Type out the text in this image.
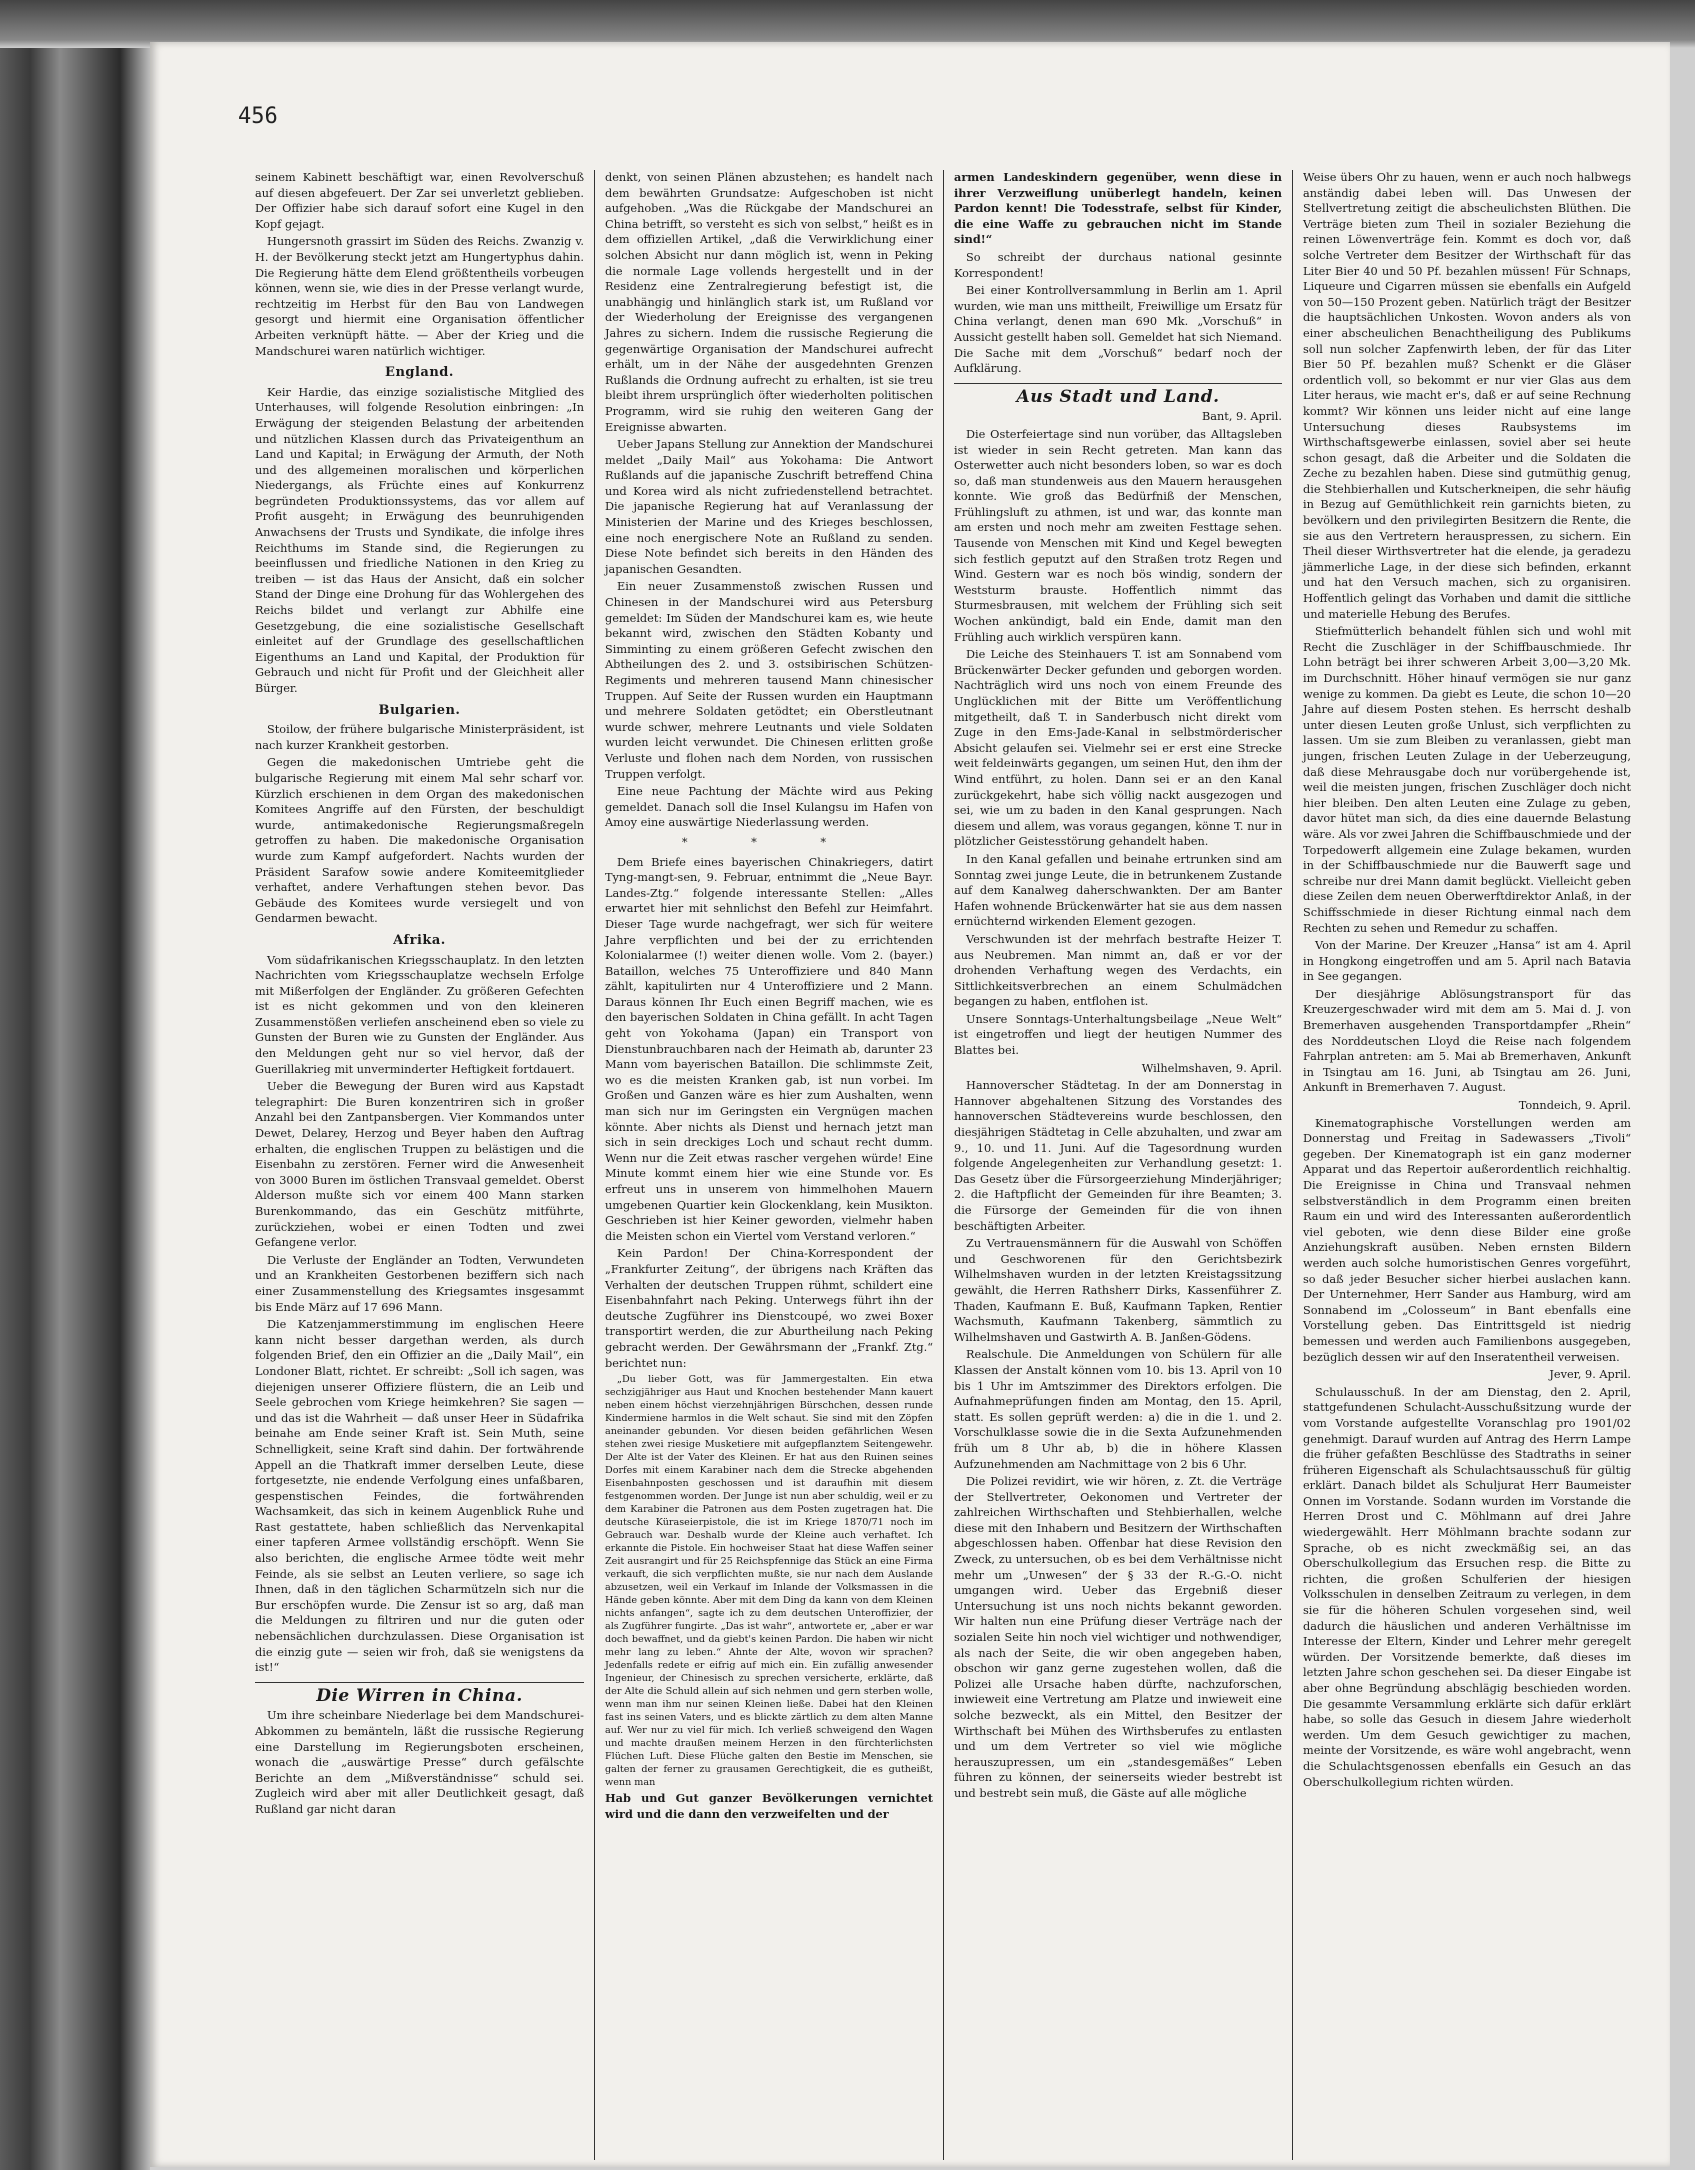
456

seinem Kabinett beschäftigt war, einen Revolverschuß auf diesen abgefeuert. Der Zar sei unverletzt geblieben. Der Offizier habe sich darauf sofort eine Kugel in den Kopf gejagt.

Hungersnoth grassirt im Süden des Reichs. Zwanzig v. H. der Bevölkerung steckt jetzt am Hungertyphus dahin. Die Regierung hätte dem Elend größtentheils vorbeugen können, wenn sie, wie dies in der Presse verlangt wurde, rechtzeitig im Herbst für den Bau von Landwegen gesorgt und hiermit eine Organisation öffentlicher Arbeiten verknüpft hätte. — Aber der Krieg und die Mandschurei waren natürlich wichtiger.

England.

Keir Hardie, das einzige sozialistische Mitglied des Unterhauses, will folgende Resolution einbringen: „In Erwägung der steigenden Belastung der arbeitenden und nützlichen Klassen durch das Privateigenthum an Land und Kapital; in Erwägung der Armuth, der Noth und des allgemeinen moralischen und körperlichen Niedergangs, als Früchte eines auf Konkurrenz begründeten Produktionssystems, das vor allem auf Profit ausgeht; in Erwägung des beunruhigenden Anwachsens der Trusts und Syndikate, die infolge ihres Reichthums im Stande sind, die Regierungen zu beeinflussen und friedliche Nationen in den Krieg zu treiben — ist das Haus der Ansicht, daß ein solcher Stand der Dinge eine Drohung für das Wohlergehen des Reichs bildet und verlangt zur Abhilfe eine Gesetzgebung, die eine sozialistische Gesellschaft einleitet auf der Grundlage des gesellschaftlichen Eigenthums an Land und Kapital, der Produktion für Gebrauch und nicht für Profit und der Gleichheit aller Bürger.

Bulgarien.

Stoilow, der frühere bulgarische Ministerpräsident, ist nach kurzer Krankheit gestorben.

Gegen die makedonischen Umtriebe geht die bulgarische Regierung mit einem Mal sehr scharf vor. Kürzlich erschienen in dem Organ des makedonischen Komitees Angriffe auf den Fürsten, der beschuldigt wurde, antimakedonische Regierungsmaßregeln getroffen zu haben. Die makedonische Organisation wurde zum Kampf aufgefordert. Nachts wurden der Präsident Sarafow sowie andere Komiteemitglieder verhaftet, andere Verhaftungen stehen bevor. Das Gebäude des Komitees wurde versiegelt und von Gendarmen bewacht.

Afrika.

Vom südafrikanischen Kriegsschauplatz. In den letzten Nachrichten vom Kriegsschauplatze wechseln Erfolge mit Mißerfolgen der Engländer. Zu größeren Gefechten ist es nicht gekommen und von den kleineren Zusammenstößen verliefen anscheinend eben so viele zu Gunsten der Buren wie zu Gunsten der Engländer. Aus den Meldungen geht nur so viel hervor, daß der Guerillakrieg mit unverminderter Heftigkeit fortdauert.

Ueber die Bewegung der Buren wird aus Kapstadt telegraphirt: Die Buren konzentriren sich in großer Anzahl bei den Zantpansbergen. Vier Kommandos unter Dewet, Delarey, Herzog und Beyer haben den Auftrag erhalten, die englischen Truppen zu belästigen und die Eisenbahn zu zerstören. Ferner wird die Anwesenheit von 3000 Buren im östlichen Transvaal gemeldet. Oberst Alderson mußte sich vor einem 400 Mann starken Burenkommando, das ein Geschütz mitführte, zurückziehen, wobei er einen Todten und zwei Gefangene verlor.

Die Verluste der Engländer an Todten, Verwundeten und an Krankheiten Gestorbenen beziffern sich nach einer Zusammenstellung des Kriegsamtes insgesammt bis Ende März auf 17 696 Mann.

Die Katzenjammerstimmung im englischen Heere kann nicht besser dargethan werden, als durch folgenden Brief, den ein Offizier an die „Daily Mail“, ein Londoner Blatt, richtet. Er schreibt: „Soll ich sagen, was diejenigen unserer Offiziere flüstern, die an Leib und Seele gebrochen vom Kriege heimkehren? Sie sagen — und das ist die Wahrheit — daß unser Heer in Südafrika beinahe am Ende seiner Kraft ist. Sein Muth, seine Schnelligkeit, seine Kraft sind dahin. Der fortwährende Appell an die Thatkraft immer derselben Leute, diese fortgesetzte, nie endende Verfolgung eines unfaßbaren, gespenstischen Feindes, die fortwährenden Wachsamkeit, das sich in keinem Augenblick Ruhe und Rast gestattete, haben schließlich das Nervenkapital einer tapferen Armee vollständig erschöpft. Wenn Sie also berichten, die englische Armee tödte weit mehr Feinde, als sie selbst an Leuten verliere, so sage ich Ihnen, daß in den täglichen Scharmützeln sich nur die Bur erschöpfen wurde. Die Zensur ist so arg, daß man die Meldungen zu filtriren und nur die guten oder nebensächlichen durchzulassen. Diese Organisation ist die einzig gute — seien wir froh, daß sie wenigstens da ist!“

Die Wirren in China.

Um ihre scheinbare Niederlage bei dem Mandschurei-Abkommen zu bemänteln, läßt die russische Regierung eine Darstellung im Regierungsboten erscheinen, wonach die „auswärtige Presse“ durch gefälschte Berichte an dem „Mißverständnisse“ schuld sei. Zugleich wird aber mit aller Deutlichkeit gesagt, daß Rußland gar nicht daran

denkt, von seinen Plänen abzustehen; es handelt nach dem bewährten Grundsatze: Aufgeschoben ist nicht aufgehoben. „Was die Rückgabe der Mandschurei an China betrifft, so versteht es sich von selbst,“ heißt es in dem offiziellen Artikel, „daß die Verwirklichung einer solchen Absicht nur dann möglich ist, wenn in Peking die normale Lage vollends hergestellt und in der Residenz eine Zentralregierung befestigt ist, die unabhängig und hinlänglich stark ist, um Rußland vor der Wiederholung der Ereignisse des vergangenen Jahres zu sichern. Indem die russische Regierung die gegenwärtige Organisation der Mandschurei aufrecht erhält, um in der Nähe der ausgedehnten Grenzen Rußlands die Ordnung aufrecht zu erhalten, ist sie treu bleibt ihrem ursprünglich öfter wiederholten politischen Programm, wird sie ruhig den weiteren Gang der Ereignisse abwarten.

Ueber Japans Stellung zur Annektion der Mandschurei meldet „Daily Mail“ aus Yokohama: Die Antwort Rußlands auf die japanische Zuschrift betreffend China und Korea wird als nicht zufriedenstellend betrachtet. Die japanische Regierung hat auf Veranlassung der Ministerien der Marine und des Krieges beschlossen, eine noch energischere Note an Rußland zu senden. Diese Note befindet sich bereits in den Händen des japanischen Gesandten.

Ein neuer Zusammenstoß zwischen Russen und Chinesen in der Mandschurei wird aus Petersburg gemeldet: Im Süden der Mandschurei kam es, wie heute bekannt wird, zwischen den Städten Kobanty und Simminting zu einem größeren Gefecht zwischen den Abtheilungen des 2. und 3. ostsibirischen Schützen-Regiments und mehreren tausend Mann chinesischer Truppen. Auf Seite der Russen wurden ein Hauptmann und mehrere Soldaten getödtet; ein Oberstleutnant wurde schwer, mehrere Leutnants und viele Soldaten wurden leicht verwundet. Die Chinesen erlitten große Verluste und flohen nach dem Norden, von russischen Truppen verfolgt.

Eine neue Pachtung der Mächte wird aus Peking gemeldet. Danach soll die Insel Kulangsu im Hafen von Amoy eine auswärtige Niederlassung werden.

* * *

Dem Briefe eines bayerischen Chinakriegers, datirt Tyng-mangt-sen, 9. Februar, entnimmt die „Neue Bayr. Landes-Ztg.“ folgende interessante Stellen: „Alles erwartet hier mit sehnlichst den Befehl zur Heimfahrt. Dieser Tage wurde nachgefragt, wer sich für weitere Jahre verpflichten und bei der zu errichtenden Kolonialarmee (!) weiter dienen wolle. Vom 2. (bayer.) Bataillon, welches 75 Unteroffiziere und 840 Mann zählt, kapitulirten nur 4 Unteroffiziere und 2 Mann. Daraus können Ihr Euch einen Begriff machen, wie es den bayerischen Soldaten in China gefällt. In acht Tagen geht von Yokohama (Japan) ein Transport von Dienstunbrauchbaren nach der Heimath ab, darunter 23 Mann vom bayerischen Bataillon. Die schlimmste Zeit, wo es die meisten Kranken gab, ist nun vorbei. Im Großen und Ganzen wäre es hier zum Aushalten, wenn man sich nur im Geringsten ein Vergnügen machen könnte. Aber nichts als Dienst und hernach jetzt man sich in sein dreckiges Loch und schaut recht dumm. Wenn nur die Zeit etwas rascher vergehen würde! Eine Minute kommt einem hier wie eine Stunde vor. Es erfreut uns in unserem von himmelhohen Mauern umgebenen Quartier kein Glockenklang, kein Musikton. Geschrieben ist hier Keiner geworden, vielmehr haben die Meisten schon ein Viertel vom Verstand verloren.“

Kein Pardon! Der China-Korrespondent der „Frankfurter Zeitung“, der übrigens nach Kräften das Verhalten der deutschen Truppen rühmt, schildert eine Eisenbahnfahrt nach Peking. Unterwegs führt ihn der deutsche Zugführer ins Dienstcoupé, wo zwei Boxer transportirt werden, die zur Aburtheilung nach Peking gebracht werden. Der Gewährsmann der „Frankf. Ztg.“ berichtet nun:

„Du lieber Gott, was für Jammergestalten. Ein etwa sechzigjähriger aus Haut und Knochen bestehender Mann kauert neben einem höchst vierzehnjährigen Bürschchen, dessen runde Kindermiene harmlos in die Welt schaut. Sie sind mit den Zöpfen aneinander gebunden. Vor diesen beiden gefährlichen Wesen stehen zwei riesige Musketiere mit aufgepflanztem Seitengewehr. Der Alte ist der Vater des Kleinen. Er hat aus den Ruinen seines Dorfes mit einem Karabiner nach dem die Strecke abgehenden Eisenbahnposten geschossen und ist daraufhin mit diesem festgenommen worden. Der Junge ist nun aber schuldig, weil er zu dem Karabiner die Patronen aus dem Posten zugetragen hat. Die deutsche Küraseierpistole, die ist im Kriege 1870/71 noch im Gebrauch war. Deshalb wurde der Kleine auch verhaftet. Ich erkannte die Pistole. Ein hochweiser Staat hat diese Waffen seiner Zeit ausrangirt und für 25 Reichspfennige das Stück an eine Firma verkauft, die sich verpflichten mußte, sie nur nach dem Auslande abzusetzen, weil ein Verkauf im Inlande der Volksmassen in die Hände geben könnte. Aber mit dem Ding da kann von dem Kleinen nichts anfangen“, sagte ich zu dem deutschen Unteroffizier, der als Zugführer fungirte. „Das ist wahr“, antwortete er, „aber er war doch bewaffnet, und da giebt's keinen Pardon. Die haben wir nicht mehr lang zu leben.“ Ahnte der Alte, wovon wir sprachen? Jedenfalls redete er eifrig auf mich ein. Ein zufällig anwesender Ingenieur, der Chinesisch zu sprechen versicherte, erklärte, daß der Alte die Schuld allein auf sich nehmen und gern sterben wolle, wenn man ihm nur seinen Kleinen ließe. Dabei hat den Kleinen fast ins seinen Vaters, und es blickte zärtlich zu dem alten Manne auf. Wer nur zu viel für mich. Ich verließ schweigend den Wagen und machte draußen meinem Herzen in den fürchterlichsten Flüchen Luft. Diese Flüche galten den Bestie im Menschen, sie galten der ferner zu grausamen Gerechtigkeit, die es gutheißt, wenn man

Hab und Gut ganzer Bevölkerungen vernichtet wird und die dann den verzweifelten und der

armen Landeskindern gegenüber, wenn diese in ihrer Verzweiflung unüberlegt handeln, keinen Pardon kennt! Die Todesstrafe, selbst für Kinder, die eine Waffe zu gebrauchen nicht im Stande sind!“

So schreibt der durchaus national gesinnte Korrespondent!

Bei einer Kontrollversammlung in Berlin am 1. April wurden, wie man uns mittheilt, Freiwillige um Ersatz für China verlangt, denen man 690 Mk. „Vorschuß“ in Aussicht gestellt haben soll. Gemeldet hat sich Niemand. Die Sache mit dem „Vorschuß“ bedarf noch der Aufklärung.

Aus Stadt und Land.
Bant, 9. April.

Die Osterfeiertage sind nun vorüber, das Alltagsleben ist wieder in sein Recht getreten. Man kann das Osterwetter auch nicht besonders loben, so war es doch so, daß man stundenweis aus den Mauern herausgehen konnte. Wie groß das Bedürfniß der Menschen, Frühlingsluft zu athmen, ist und war, das konnte man am ersten und noch mehr am zweiten Festtage sehen. Tausende von Menschen mit Kind und Kegel bewegten sich festlich geputzt auf den Straßen trotz Regen und Wind. Gestern war es noch bös windig, sondern der Weststurm brauste. Hoffentlich nimmt das Sturmesbrausen, mit welchem der Frühling sich seit Wochen ankündigt, bald ein Ende, damit man den Frühling auch wirklich verspüren kann.

Die Leiche des Steinhauers T. ist am Sonnabend vom Brückenwärter Decker gefunden und geborgen worden. Nachträglich wird uns noch von einem Freunde des Unglücklichen mit der Bitte um Veröffentlichung mitgetheilt, daß T. in Sanderbusch nicht direkt vom Zuge in den Ems-Jade-Kanal in selbstmörderischer Absicht gelaufen sei. Vielmehr sei er erst eine Strecke weit feldeinwärts gegangen, um seinen Hut, den ihm der Wind entführt, zu holen. Dann sei er an den Kanal zurückgekehrt, habe sich völlig nackt ausgezogen und sei, wie um zu baden in den Kanal gesprungen. Nach diesem und allem, was voraus gegangen, könne T. nur in plötzlicher Geistesstörung gehandelt haben.

In den Kanal gefallen und beinahe ertrunken sind am Sonntag zwei junge Leute, die in betrunkenem Zustande auf dem Kanalweg daherschwankten. Der am Banter Hafen wohnende Brückenwärter hat sie aus dem nassen ernüchternd wirkenden Element gezogen.

Verschwunden ist der mehrfach bestrafte Heizer T. aus Neubremen. Man nimmt an, daß er vor der drohenden Verhaftung wegen des Verdachts, ein Sittlichkeitsverbrechen an einem Schulmädchen begangen zu haben, entflohen ist.

Unsere Sonntags-Unterhaltungsbeilage „Neue Welt“ ist eingetroffen und liegt der heutigen Nummer des Blattes bei.

Wilhelmshaven, 9. April.

Hannoverscher Städtetag. In der am Donnerstag in Hannover abgehaltenen Sitzung des Vorstandes des hannoverschen Städtevereins wurde beschlossen, den diesjährigen Städtetag in Celle abzuhalten, und zwar am 9., 10. und 11. Juni. Auf die Tagesordnung wurden folgende Angelegenheiten zur Verhandlung gesetzt: 1. Das Gesetz über die Fürsorgeerziehung Minderjähriger; 2. die Haftpflicht der Gemeinden für ihre Beamten; 3. die Fürsorge der Gemeinden für die von ihnen beschäftigten Arbeiter.

Zu Vertrauensmännern für die Auswahl von Schöffen und Geschworenen für den Gerichtsbezirk Wilhelmshaven wurden in der letzten Kreistagssitzung gewählt, die Herren Rathsherr Dirks, Kassenführer Z. Thaden, Kaufmann E. Buß, Kaufmann Tapken, Rentier Wachsmuth, Kaufmann Takenberg, sämmtlich zu Wilhelmshaven und Gastwirth A. B. Janßen-Gödens.

Realschule. Die Anmeldungen von Schülern für alle Klassen der Anstalt können vom 10. bis 13. April von 10 bis 1 Uhr im Amtszimmer des Direktors erfolgen. Die Aufnahmeprüfungen finden am Montag, den 15. April, statt. Es sollen geprüft werden: a) die in die 1. und 2. Vorschulklasse sowie die in die Sexta Aufzunehmenden früh um 8 Uhr ab, b) die in höhere Klassen Aufzunehmenden am Nachmittage von 2 bis 6 Uhr.

Die Polizei revidirt, wie wir hören, z. Zt. die Verträge der Stellvertreter, Oekonomen und Vertreter der zahlreichen Wirthschaften und Stehbierhallen, welche diese mit den Inhabern und Besitzern der Wirthschaften abgeschlossen haben. Offenbar hat diese Revision den Zweck, zu untersuchen, ob es bei dem Verhältnisse nicht mehr um „Unwesen“ der § 33 der R.-G.-O. nicht umgangen wird. Ueber das Ergebniß dieser Untersuchung ist uns noch nichts bekannt geworden. Wir halten nun eine Prüfung dieser Verträge nach der sozialen Seite hin noch viel wichtiger und nothwendiger, als nach der Seite, die wir oben angegeben haben, obschon wir ganz gerne zugestehen wollen, daß die Polizei alle Ursache haben dürfte, nachzuforschen, inwieweit eine Vertretung am Platze und inwieweit eine solche bezweckt, als ein Mittel, den Besitzer der Wirthschaft bei Mühen des Wirthsberufes zu entlasten und um dem Vertreter so viel wie mögliche herauszupressen, um ein „standesgemäßes“ Leben führen zu können, der seinerseits wieder bestrebt ist und bestrebt sein muß, die Gäste auf alle mögliche

Weise übers Ohr zu hauen, wenn er auch noch halbwegs anständig dabei leben will. Das Unwesen der Stellvertretung zeitigt die abscheulichsten Blüthen. Die Verträge bieten zum Theil in sozialer Beziehung die reinen Löwenverträge fein. Kommt es doch vor, daß solche Vertreter dem Besitzer der Wirthschaft für das Liter Bier 40 und 50 Pf. bezahlen müssen! Für Schnaps, Liqueure und Cigarren müssen sie ebenfalls ein Aufgeld von 50—150 Prozent geben. Natürlich trägt der Besitzer die hauptsächlichen Unkosten. Wovon anders als von einer abscheulichen Benachtheiligung des Publikums soll nun solcher Zapfenwirth leben, der für das Liter Bier 50 Pf. bezahlen muß? Schenkt er die Gläser ordentlich voll, so bekommt er nur vier Glas aus dem Liter heraus, wie macht er's, daß er auf seine Rechnung kommt? Wir können uns leider nicht auf eine lange Untersuchung dieses Raubsystems im Wirthschaftsgewerbe einlassen, soviel aber sei heute schon gesagt, daß die Arbeiter und die Soldaten die Zeche zu bezahlen haben. Diese sind gutmüthig genug, die Stehbierhallen und Kutscherkneipen, die sehr häufig in Bezug auf Gemüthlichkeit rein garnichts bieten, zu bevölkern und den privilegirten Besitzern die Rente, die sie aus den Vertretern herauspressen, zu sichern. Ein Theil dieser Wirthsvertreter hat die elende, ja geradezu jämmerliche Lage, in der diese sich befinden, erkannt und hat den Versuch machen, sich zu organisiren. Hoffentlich gelingt das Vorhaben und damit die sittliche und materielle Hebung des Berufes.

Stiefmütterlich behandelt fühlen sich und wohl mit Recht die Zuschläger in der Schiffbauschmiede. Ihr Lohn beträgt bei ihrer schweren Arbeit 3,00—3,20 Mk. im Durchschnitt. Höher hinauf vermögen sie nur ganz wenige zu kommen. Da giebt es Leute, die schon 10—20 Jahre auf diesem Posten stehen. Es herrscht deshalb unter diesen Leuten große Unlust, sich verpflichten zu lassen. Um sie zum Bleiben zu veranlassen, giebt man jungen, frischen Leuten Zulage in der Ueberzeugung, daß diese Mehrausgabe doch nur vorübergehende ist, weil die meisten jungen, frischen Zuschläger doch nicht hier bleiben. Den alten Leuten eine Zulage zu geben, davor hütet man sich, da dies eine dauernde Belastung wäre. Als vor zwei Jahren die Schiffbauschmiede und der Torpedowerft allgemein eine Zulage bekamen, wurden in der Schiffbauschmiede nur die Bauwerft sage und schreibe nur drei Mann damit beglückt. Vielleicht geben diese Zeilen dem neuen Oberwerftdirektor Anlaß, in der Schiffsschmiede in dieser Richtung einmal nach dem Rechten zu sehen und Remedur zu schaffen.

Von der Marine. Der Kreuzer „Hansa“ ist am 4. April in Hongkong eingetroffen und am 5. April nach Batavia in See gegangen.

Der diesjährige Ablösungstransport für das Kreuzergeschwader wird mit dem am 5. Mai d. J. von Bremerhaven ausgehenden Transportdampfer „Rhein“ des Norddeutschen Lloyd die Reise nach folgendem Fahrplan antreten: am 5. Mai ab Bremerhaven, Ankunft in Tsingtau am 16. Juni, ab Tsingtau am 26. Juni, Ankunft in Bremerhaven 7. August.

Tonndeich, 9. April.

Kinematographische Vorstellungen werden am Donnerstag und Freitag in Sadewassers „Tivoli“ gegeben. Der Kinematograph ist ein ganz moderner Apparat und das Repertoir außerordentlich reichhaltig. Die Ereignisse in China und Transvaal nehmen selbstverständlich in dem Programm einen breiten Raum ein und wird des Interessanten außerordentlich viel geboten, wie denn diese Bilder eine große Anziehungskraft ausüben. Neben ernsten Bildern werden auch solche humoristischen Genres vorgeführt, so daß jeder Besucher sicher hierbei auslachen kann. Der Unternehmer, Herr Sander aus Hamburg, wird am Sonnabend im „Colosseum“ in Bant ebenfalls eine Vorstellung geben. Das Eintrittsgeld ist niedrig bemessen und werden auch Familienbons ausgegeben, bezüglich dessen wir auf den Inseratentheil verweisen.

Jever, 9. April.

Schulausschuß. In der am Dienstag, den 2. April, stattgefundenen Schulacht-Ausschußsitzung wurde der vom Vorstande aufgestellte Voranschlag pro 1901/02 genehmigt. Darauf wurden auf Antrag des Herrn Lampe die früher gefaßten Beschlüsse des Stadtraths in seiner früheren Eigenschaft als Schulachtsausschuß für gültig erklärt. Danach bildet als Schuljurat Herr Baumeister Onnen im Vorstande. Sodann wurden im Vorstande die Herren Drost und C. Möhlmann auf drei Jahre wiedergewählt. Herr Möhlmann brachte sodann zur Sprache, ob es nicht zweckmäßig sei, an das Oberschulkollegium das Ersuchen resp. die Bitte zu richten, die großen Schulferien der hiesigen Volksschulen in denselben Zeitraum zu verlegen, in dem sie für die höheren Schulen vorgesehen sind, weil dadurch die häuslichen und anderen Verhältnisse im Interesse der Eltern, Kinder und Lehrer mehr geregelt würden. Der Vorsitzende bemerkte, daß dieses im letzten Jahre schon geschehen sei. Da dieser Eingabe ist aber ohne Begründung abschlägig beschieden worden. Die gesammte Versammlung erklärte sich dafür erklärt habe, so solle das Gesuch in diesem Jahre wiederholt werden. Um dem Gesuch gewichtiger zu machen, meinte der Vorsitzende, es wäre wohl angebracht, wenn die Schulachtsgenossen ebenfalls ein Gesuch an das Oberschulkollegium richten würden.
